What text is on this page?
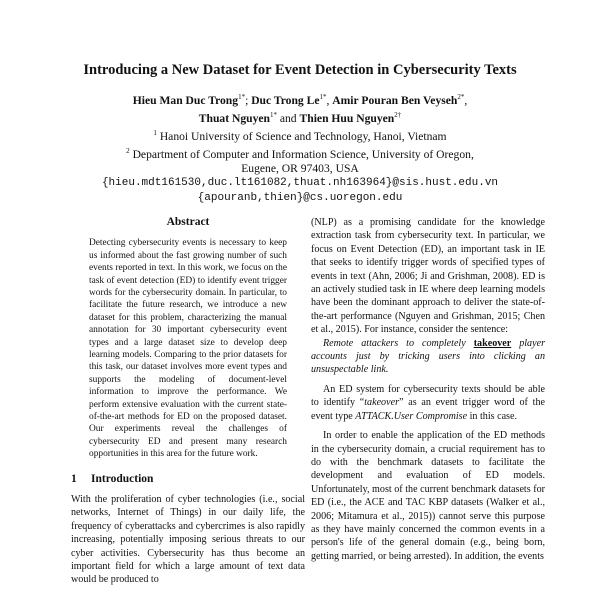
Introducing a New Dataset for Event Detection in Cybersecurity Texts
Hieu Man Duc Trong$^{1*}$; Duc Trong $Le^{1*}$, Amir Pouran Ben Veyseh$^{2*}$,
Thuat Nguyen$^{1*}$ and Thien Huu Nguyen$^{2\dagger}$
$^1$ Hanoi University of Science and Technology, Hanoi, Vietnam
$^2$ Department of Computer and Information Science, University of Oregon,
Eugene, OR 97403, USA
{hieu.mdt161530,duc.lt161082,thuat.nh163964}@sis.hust.edu.vn
{apouranb,thien}@cs.uoregon.edu
Abstract
Detecting cybersecurity events is necessary to keep us informed about the fast growing number of such events reported in text. In this work, we focus on the task of event detection (ED) to identify event trigger words for the cybersecurity domain. In particular, to facilitate the future research, we introduce a new dataset for this problem, characterizing the manual annotation for 30 important cybersecurity event types and a large dataset size to develop deep learning models. Comparing to the prior datasets for this task, our dataset involves more event types and supports the modeling of document-level information to improve the performance. We perform extensive evaluation with the current state-of-the-art methods for ED on the proposed dataset. Our experiments reveal the challenges of cybersecurity ED and present many research opportunities in this area for the future work.
1 Introduction

With the proliferation of cyber technologies (i.e., social networks, Internet of Things) in our daily life, the frequency of cyberattacks and cybercrimes is also rapidly increasing, potentially imposing serious threats to our cyber activities. Cybersecurity has thus become an important field for which a large amount of text data would be produced to

(NLP) as a promising candidate for the knowledge extraction task from cybersecurity text. In particular, we focus on Event Detection (ED), an important task in IE that seeks to identify trigger words of specified types of events in text (Ahn, 2006; Ji and Grishman, 2008). ED is an actively studied task in IE where deep learning models have been the dominant approach to deliver the state-of-the-art performance (Nguyen and Grishman, 2015; Chen et al., 2015). For instance, consider the sentence:

Remote attackers to completely takeover player accounts just by tricking users into clicking an unsuspectable link.

An ED system for cybersecurity texts should be able to identify “takeover” as an event trigger word of the event type ATTACK.User Compromise in this case.

In order to enable the application of the ED methods in the cybersecurity domain, a crucial requirement has to do with the benchmark datasets to facilitate the development and evaluation of ED models. Unfortunately, most of the current benchmark datasets for ED (i.e., the ACE and TAC KBP datasets (Walker et al., 2006; Mitamura et al., 2015)) cannot serve this purpose as they have mainly concerned the common events in a person's life of the general domain (e.g., being born, getting married, or being arrested). In addition, the events
